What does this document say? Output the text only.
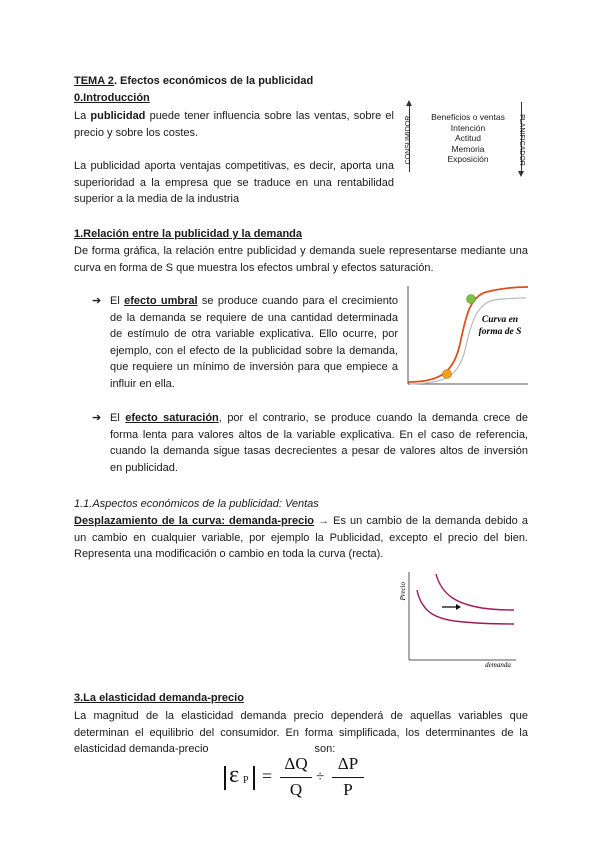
TEMA 2. Efectos económicos de la publicidad
0.Introducción

La publicidad puede tener influencia sobre las ventas, sobre el precio y sobre los costes.

La publicidad aporta ventajas competitivas, es decir, aporta una superioridad a la empresa que se traduce en una rentabilidad superior a la media de la industria

CONSUMIDOR	Beneficios o ventas
Intención
Actitud
Memoria
Exposición	PLANIFICADOR
1.Relación entre la publicidad y la demanda

De forma gráfica, la relación entre publicidad y demanda suele representarse mediante una curva en forma de S que muestra los efectos umbral y efectos saturación.

➔ El efecto umbral se produce cuando para el crecimiento de la demanda se requiere de una cantidad determinada de estímulo de otra variable explicativa. Ello ocurre, por ejemplo, con el efecto de la publicidad sobre la demanda, que requiere un mínimo de inversión para que empiece a influir en ella.

Curva en
forma de S
➔ El efecto saturación, por el contrario, se produce cuando la demanda crece de forma lenta para valores altos de la variable explicativa. En el caso de referencia, cuando la demanda sigue tasas decrecientes a pesar de valores altos de inversión en publicidad.

1.1.Aspectos económicos de la publicidad: Ventas

Desplazamiento de la curva: demanda-precio → Es un cambio de la demanda debido a un cambio en cualquier variable, por ejemplo la Publicidad, excepto el precio del bien. Representa una modificación o cambio en toda la curva (recta).

Precio
demanda
3.La elasticidad demanda-precio

La magnitud de la elasticidad demanda precio dependerá de aquellas variables que determinan el equilibrio del consumidor. En forma simplificada, los determinantes de la elasticidad demanda-precio	son:

ε P =
ΔQ
Q
÷
ΔP
P
